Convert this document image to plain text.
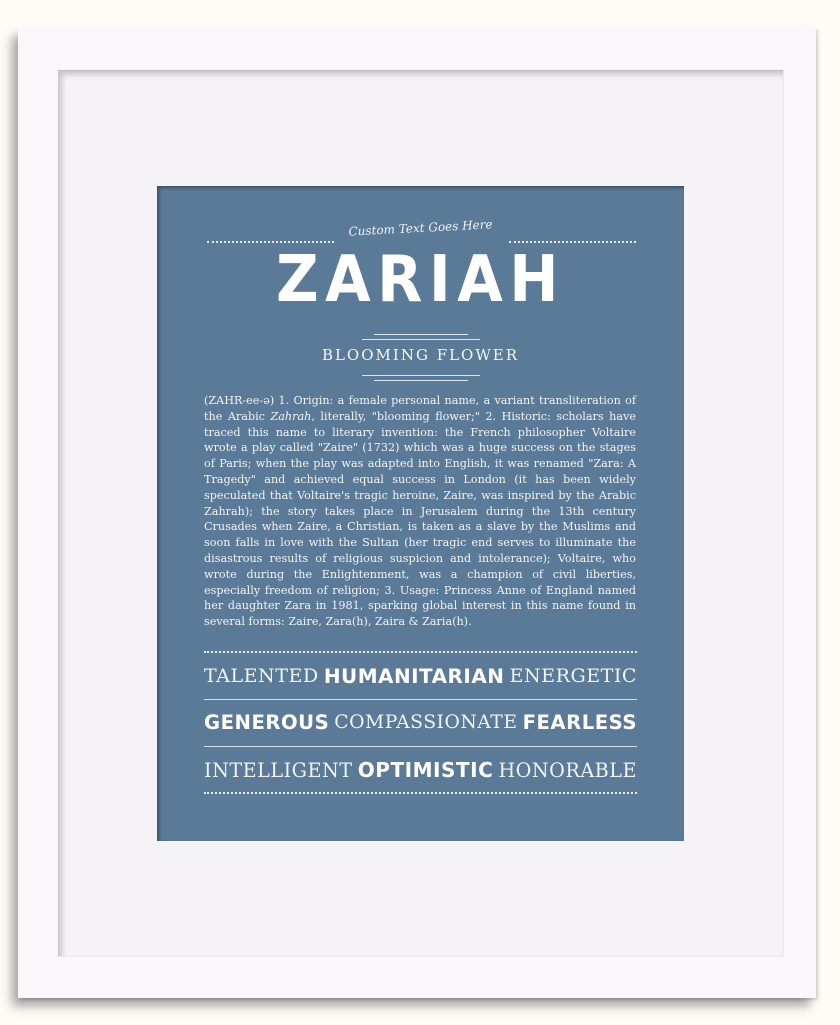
Custom Text Goes Here
ZARIAH
BLOOMING FLOWER
(ZAHR-ee-ə) 1. Origin: a female personal name, a variant transliteration of the Arabic Zahrah, literally, "blooming flower;" 2. Historic: scholars have traced this name to literary invention: the French philosopher Voltaire wrote a play called "Zaire" (1732) which was a huge success on the stages of Paris; when the play was adapted into English, it was renamed "Zara: A Tragedy" and achieved equal success in London (it has been widely speculated that Voltaire's tragic heroine, Zaire, was inspired by the Arabic Zahrah); the story takes place in Jerusalem during the 13th century Crusades when Zaire, a Christian, is taken as a slave by the Muslims and soon falls in love with the Sultan (her tragic end serves to illuminate the disastrous results of religious suspicion and intolerance); Voltaire, who wrote during the Enlightenment, was a champion of civil liberties, especially freedom of religion; 3. Usage: Princess Anne of England named her daughter Zara in 1981, sparking global interest in this name found in several forms: Zaire, Zara(h), Zaira & Zaria(h).
TALENTED HUMANITARIAN ENERGETIC
GENEROUS COMPASSIONATE FEARLESS
INTELLIGENT OPTIMISTIC HONORABLE
